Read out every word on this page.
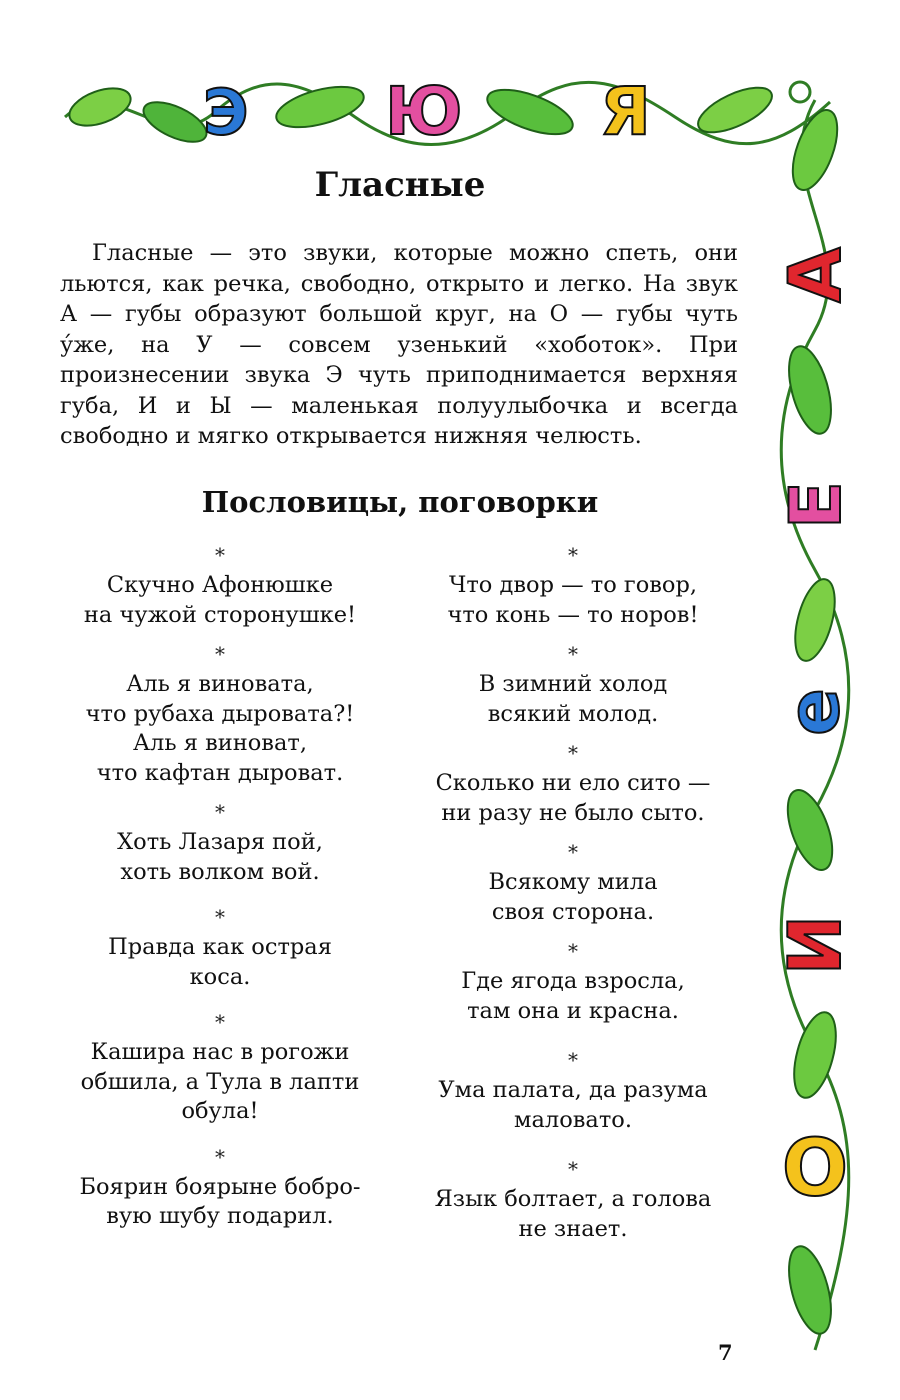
Э Ю Я
А
Е
е
И
О
Гласные

Гласные — это звуки, которые можно спеть, они льются, как речка, свободно, открыто и легко. На звук А — губы образуют большой круг, на О — губы чуть у́же, на У — совсем узенький «хоботок». При произнесении звука Э чуть приподнимается верхняя губа, И и Ы — маленькая полуулыбочка и всегда свободно и мягко открывается нижняя челюсть.

Пословицы, поговорки
*
Скучно Афонюшке
на чужой сторонушке!
*
Аль я виновата,
что рубаха дыровата?!
Аль я виноват,
что кафтан дыроват.
*
Хоть Лазаря пой,
хоть волком вой.
*
Правда как острая
коса.
*
Кашира нас в рогожи
обшила, а Тула в лапти
обула!
*
Боярин боярыне бобро-
вую шубу подарил.
*
Что двор — то говор,
что конь — то норов!
*
В зимний холод
всякий молод.
*
Сколько ни ело сито —
ни разу не было сыто.
*
Всякому мила
своя сторона.
*
Где ягода взросла,
там она и красна.
*
Ума палата, да разума
маловато.
*
Язык болтает, а голова
не знает.
7
